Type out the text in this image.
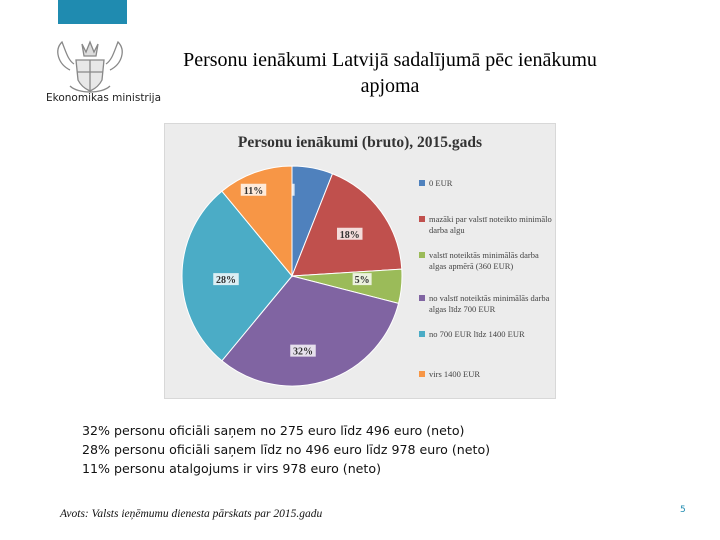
Ekonomikas ministrija
Personu ienākumi Latvijā sadalījumā pēc ienākumu
apjoma
Personu ienākumi (bruto), 2015.gads
18%
5%
32%
28%
11%
0 EUR
mazāki par valstī noteikto minimālo darba algu
valstī noteiktās minimālās darba algas apmērā (360 EUR)
no valstī noteiktās minimālās darba algas līdz 700 EUR
no 700 EUR līdz 1400 EUR
virs 1400 EUR
32% personu oficiāli saņem no 275 euro līdz 496 euro (neto)
28% personu oficiāli saņem līdz no 496 euro līdz 978 euro (neto)
11% personu atalgojums ir virs 978 euro (neto)
Avots: Valsts ieņēmumu dienesta pārskats par 2015.gadu	5
